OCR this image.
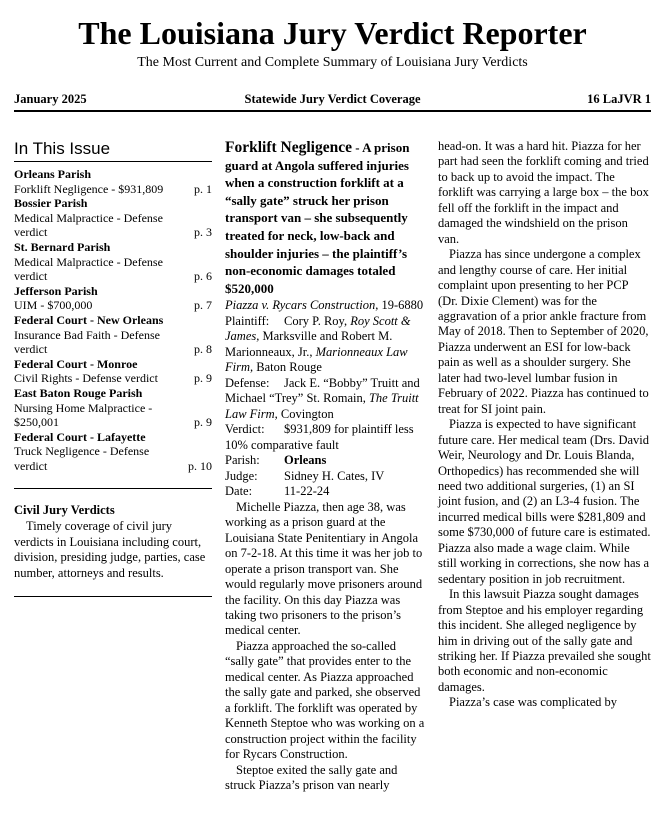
The Louisiana Jury Verdict Reporter
The Most Current and Complete Summary of Louisiana Jury Verdicts
January 2025	Statewide Jury Verdict Coverage	16 LaJVR 1
In This Issue
Orleans Parish
Forklift Negligence - $931,809	p. 1
Bossier Parish
Medical Malpractice - Defense verdict	p. 3
St. Bernard Parish
Medical Malpractice - Defense verdict	p. 6
Jefferson Parish
UIM - $700,000	p. 7
Federal Court - New Orleans
Insurance Bad Faith - Defense verdict	p. 8
Federal Court - Monroe
Civil Rights - Defense verdict	p. 9
East Baton Rouge Parish
Nursing Home Malpractice - $250,001	p. 9
Federal Court - Lafayette
Truck Negligence - Defense verdict	p. 10
Civil Jury Verdicts

Timely coverage of civil jury verdicts in Louisiana including court, division, presiding judge, parties, case number, attorneys and results.

Forklift Negligence - A prison guard at Angola suffered injuries when a construction forklift at a “sally gate” struck her prison transport van – she subsequently treated for neck, low-back and shoulder injuries – the plaintiff’s non-economic damages totaled $520,000

Piazza v. Rycars Construction, 19-6880

Plaintiff: Cory P. Roy, Roy Scott & James, Marksville and Robert M. Marionneaux, Jr., Marionneaux Law Firm, Baton Rouge

Defense: Jack E. “Bobby” Truitt and Michael “Trey” St. Romain, The Truitt Law Firm, Covington

Verdict: $931,809 for plaintiff less 10% comparative fault

Parish: Orleans

Judge: Sidney H. Cates, IV

Date:	11-22-24

Michelle Piazza, then age 38, was working as a prison guard at the Louisiana State Penitentiary in Angola on 7-2-18. At this time it was her job to operate a prison transport van. She would regularly move prisoners around the facility. On this day Piazza was taking two prisoners to the prison’s medical center.

Piazza approached the so-called “sally gate” that provides enter to the medical center. As Piazza approached the sally gate and parked, she observed a forklift. The forklift was operated by Kenneth Steptoe who was working on a construction project within the facility for Rycars Construction.

Steptoe exited the sally gate and struck Piazza’s prison van nearly

head-on. It was a hard hit. Piazza for her part had seen the forklift coming and tried to back up to avoid the impact. The forklift was carrying a large box – the box fell off the forklift in the impact and damaged the windshield on the prison van.

Piazza has since undergone a complex and lengthy course of care. Her initial complaint upon presenting to her PCP (Dr. Dixie Clement) was for the aggravation of a prior ankle fracture from May of 2018. Then to September of 2020, Piazza underwent an ESI for low-back pain as well as a shoulder surgery. She later had two-level lumbar fusion in February of 2022. Piazza has continued to treat for SI joint pain.

Piazza is expected to have significant future care. Her medical team (Drs. David Weir, Neurology and Dr. Louis Blanda, Orthopedics) has recommended she will need two additional surgeries, (1) an SI joint fusion, and (2) an L3-4 fusion. The incurred medical bills were $281,809 and some $730,000 of future care is estimated. Piazza also made a wage claim. While still working in corrections, she now has a sedentary position in job recruitment.

In this lawsuit Piazza sought damages from Steptoe and his employer regarding this incident. She alleged negligence by him in driving out of the sally gate and striking her. If Piazza prevailed she sought both economic and non-economic damages.

Piazza’s case was complicated by
